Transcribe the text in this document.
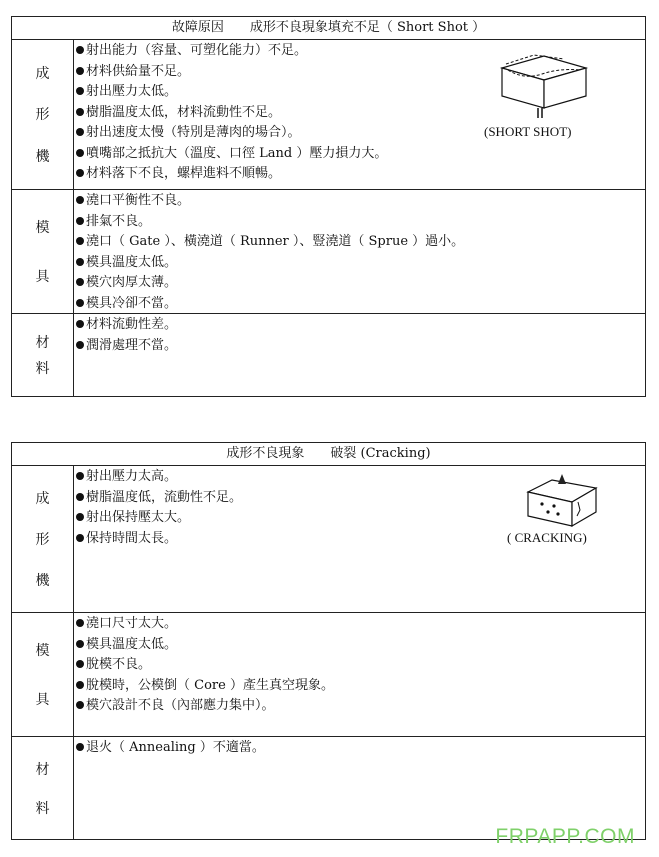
故障原因　　成形不良現象填充不足（ Short Shot ）
成
形
機
射出能力（容量、可塑化能力）不足。
材料供給量不足。
射出壓力太低。
樹脂溫度太低，材料流動性不足。
射出速度太慢（特別是薄肉的場合）。
噴嘴部之抵抗大（溫度、口徑 Land ）壓力損力大。
材料落下不良，螺桿進料不順暢。
(SHORT SHOT)
模
具
澆口平衡性不良。
排氣不良。
澆口（ Gate ）、橫澆道（ Runner ）、豎澆道（ Sprue ）過小。
模具溫度太低。
模穴肉厚太薄。
模具冷卻不當。
材
料
材料流動性差。
潤滑處理不當。
成形不良現象　　破裂 (Cracking)
成
形
機
射出壓力太高。
樹脂溫度低，流動性不足。
射出保持壓太大。
保持時間太長。	( CRACKING)
模
具
澆口尺寸太大。
模具溫度太低。
脫模不良。
脫模時，公模倒（ Core ）產生真空現象。
模穴設計不良（內部應力集中）。
材
料
退火（ Annealing ）不適當。
FRPAPP.COM
